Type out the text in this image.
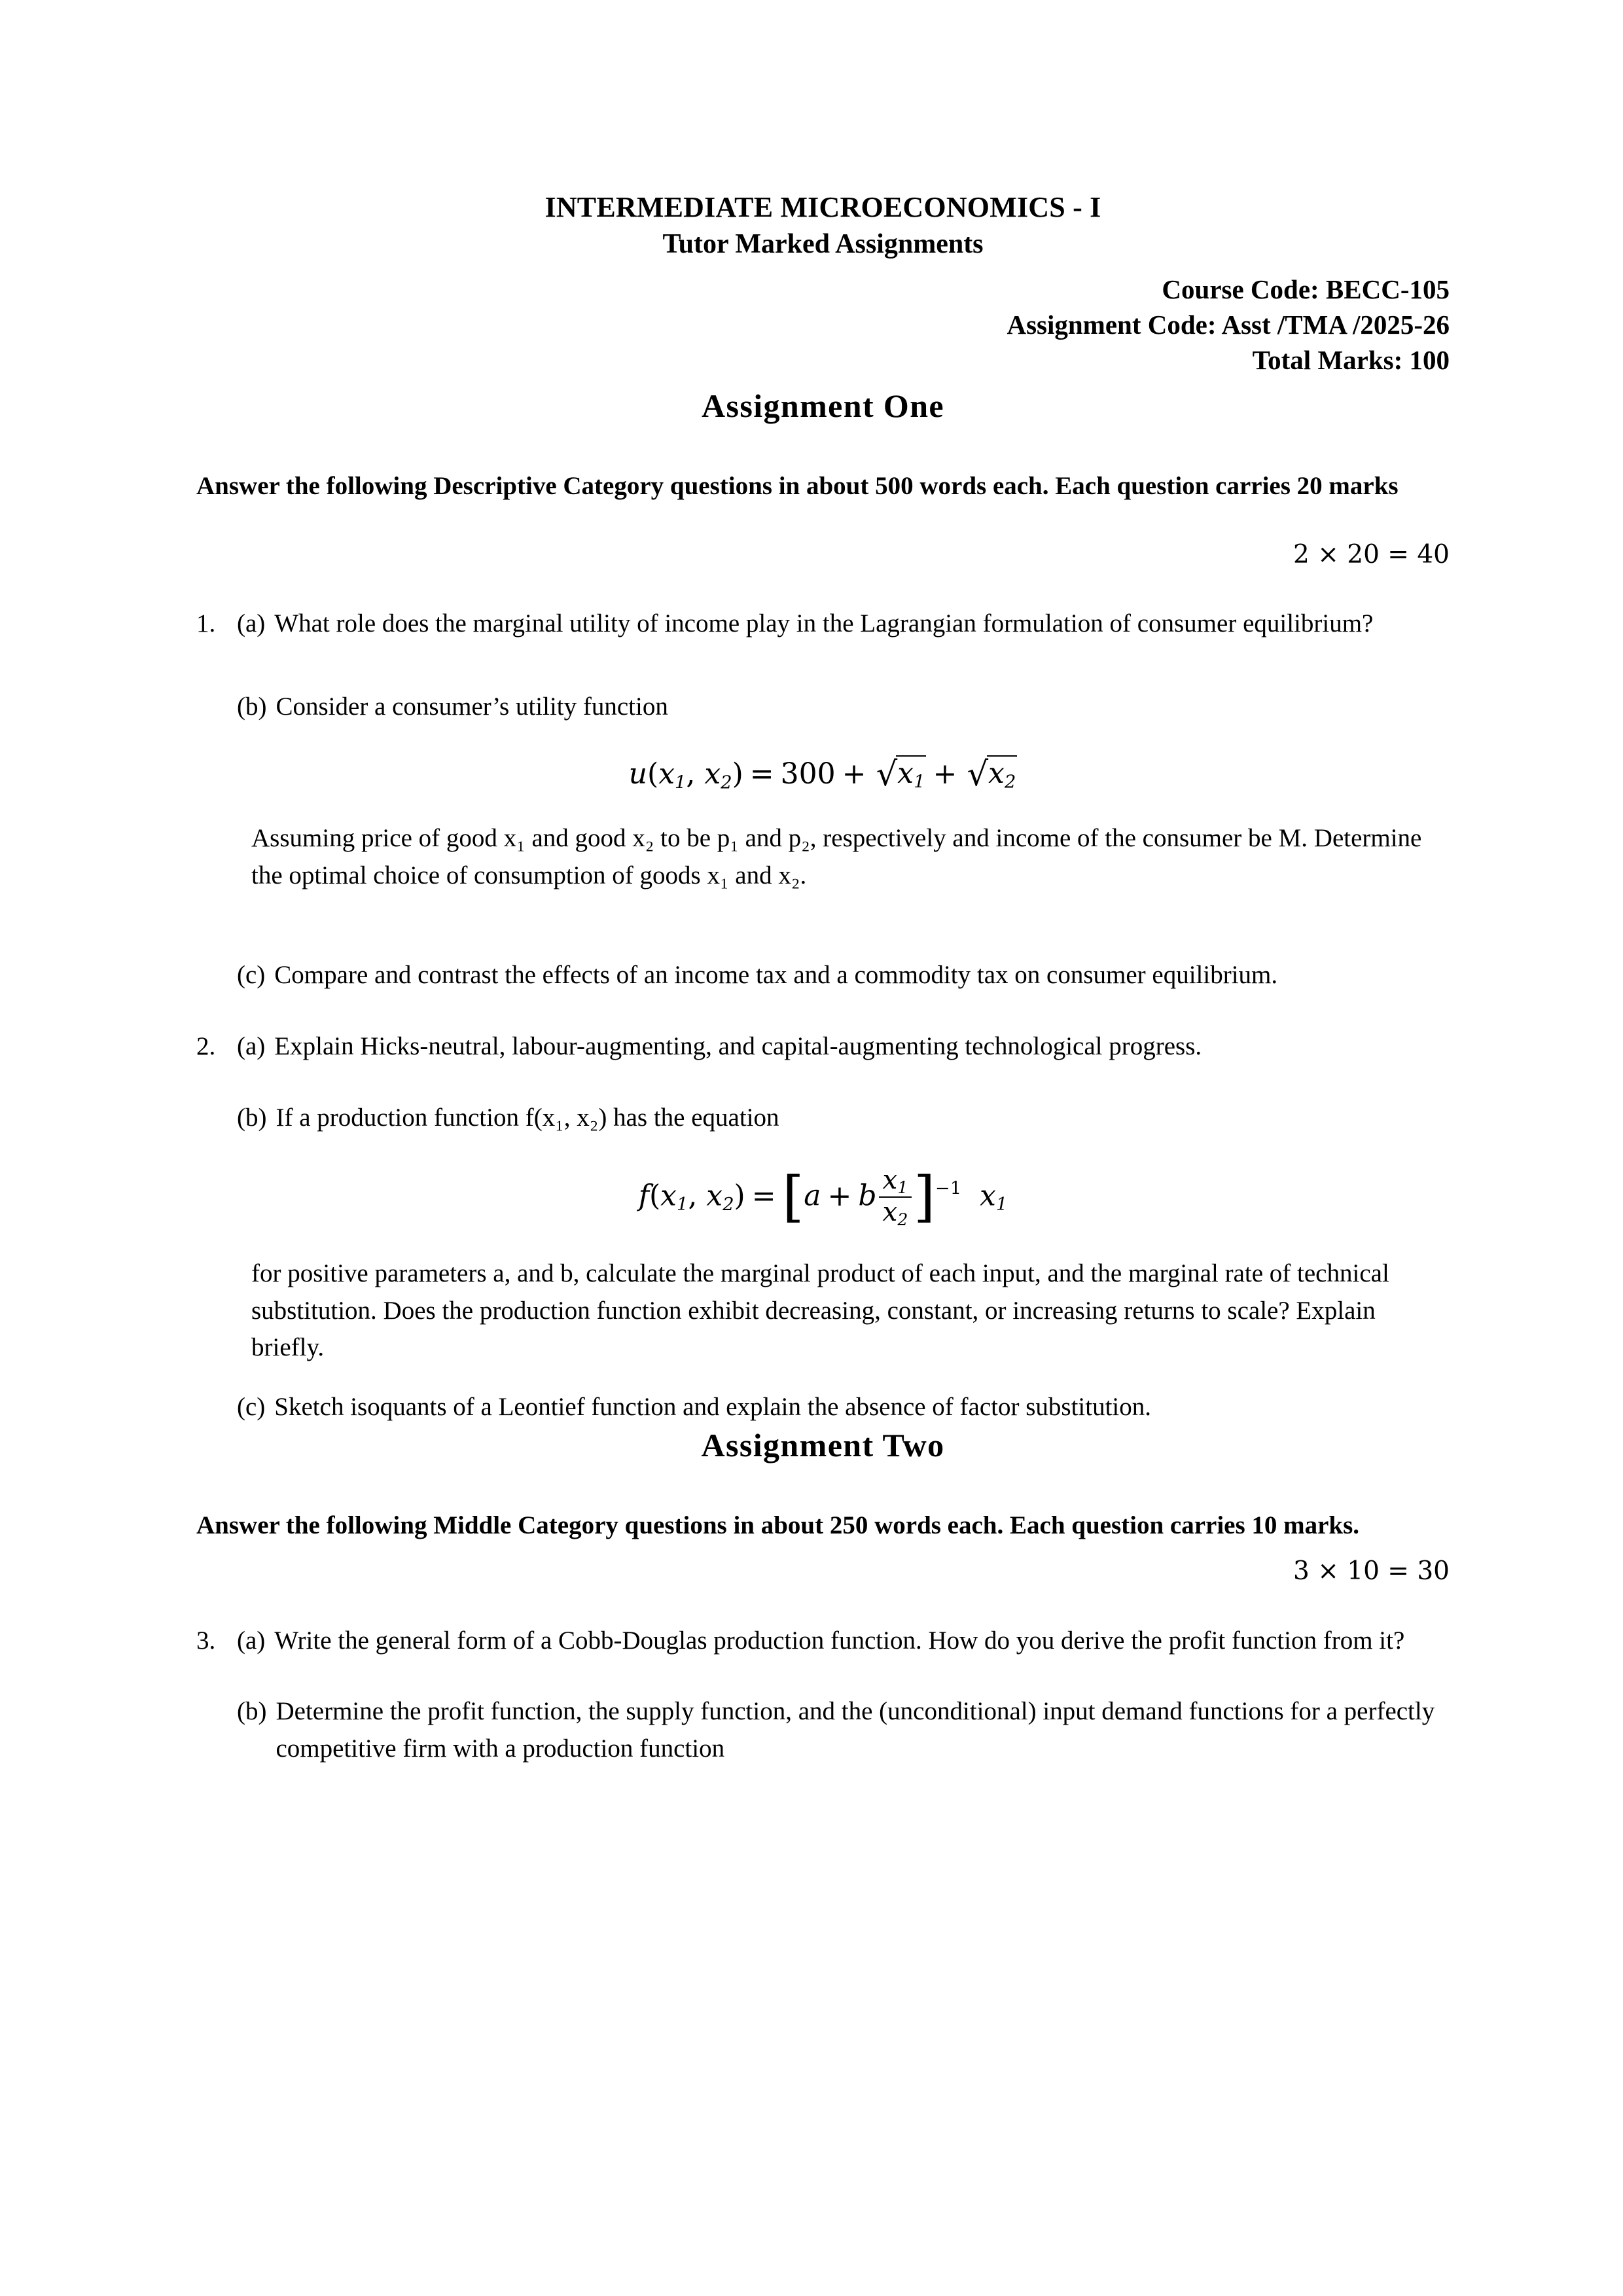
INTERMEDIATE MICROECONOMICS - I
Tutor Marked Assignments
Course Code: BECC-105
Assignment Code: Asst /TMA /2025-26
Total Marks: 100
Assignment One
Answer the following Descriptive Category questions in about 500 words each. Each question carries 20 marks
2 × 20 = 40
1. (a) What role does the marginal utility of income play in the Lagrangian formulation of consumer equilibrium?
(b) Consider a consumer’s utility function
$u(x_1$, $x_2) = 300 + √x_1 + √x_2$
Assuming price of good x₁ and good x₂ to be p₁ and p₂, respectively and income of the consumer be M. Determine the optimal choice of consumption of goods x₁ and x₂.
(c) Compare and contrast the effects of an income tax and a commodity tax on consumer equilibrium.
2. (a) Explain Hicks-neutral, labour-augmenting, and capital-augmenting technological progress.
(b) If a production function f(x₁, x₂) has the equation
$f(x_1$, $x_2) = [a + b \frac{x_1}{x_2} ]^{-1}$ $x_1$
for positive parameters a, and b, calculate the marginal product of each input, and the marginal rate of technical substitution. Does the production function exhibit decreasing, constant, or increasing returns to scale? Explain briefly.
(c) Sketch isoquants of a Leontief function and explain the absence of factor substitution.
Assignment Two
Answer the following Middle Category questions in about 250 words each. Each question carries 10 marks.
3 × 10 = 30
3. (a) Write the general form of a Cobb-Douglas production function. How do you derive the profit function from it?
(b) Determine the profit function, the supply function, and the (unconditional) input demand functions for a perfectly competitive firm with a production function
